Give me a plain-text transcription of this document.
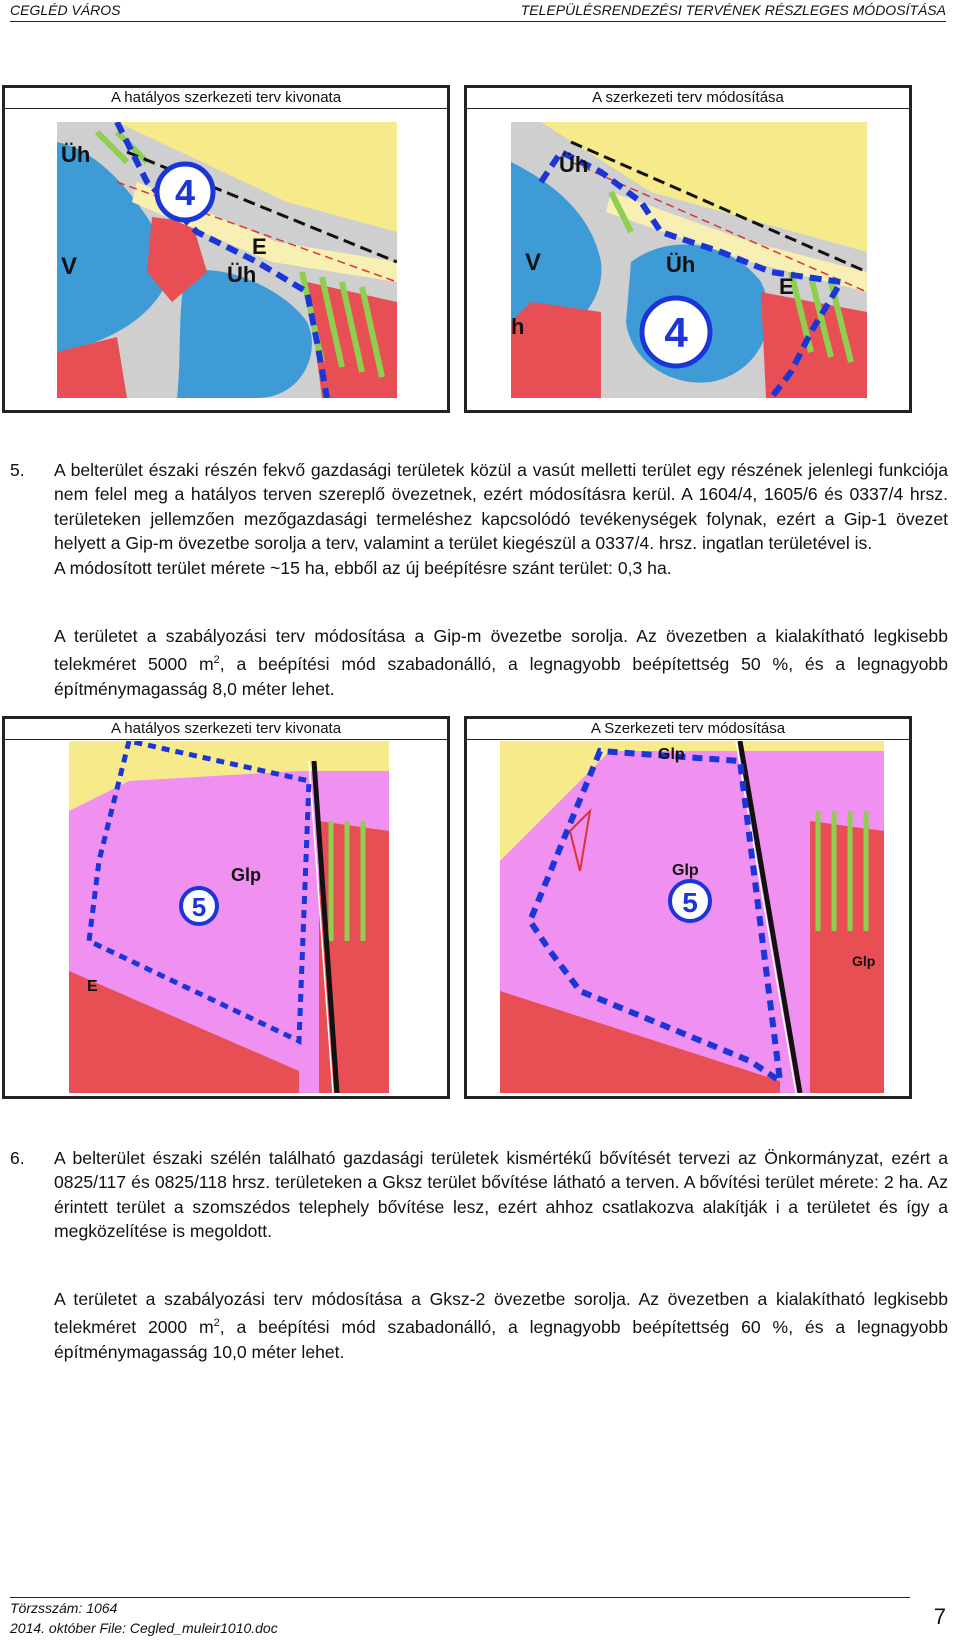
CEGLÉD VÁROS	TELEPÜLÉSRENDEZÉSI TERVÉNEK RÉSZLEGES MÓDOSÍTÁSA
A hatályos szerkezeti terv kivonata
4
Üh
E
Üh
V
A szerkezeti terv módosítása
4
Üh
Üh
E
V
h
5. A belterület északi részén fekvő gazdasági területek közül a vasút melletti terület egy részének jelenlegi funkciója nem felel meg a hatályos terven szereplő övezetnek, ezért módosításra kerül. A 1604/4, 1605/6 és 0337/4 hrsz. területeken jellemzően mezőgazdasági termeléshez kapcsolódó tevékenységek folynak, ezért a Gip-1 övezet helyett a Gip-m övezetbe sorolja a terv, valamint a terület kiegészül a 0337/4. hrsz. ingatlan területével is.
A módosított terület mérete ~15 ha, ebből az új beépítésre szánt terület: 0,3 ha.
A területet a szabályozási terv módosítása a Gip-m övezetbe sorolja. Az övezetben a kialakítható legkisebb telekméret 5000 $m^2$, a beépítési mód szabadonálló, a legnagyobb beépítettség 50 %, és a legnagyobb építménymagasság 8,0 méter lehet.
A hatályos szerkezeti terv kivonata
5
Glp
E
A Szerkezeti terv módosítása
5
Glp
Glp
Glp
6. A belterület északi szélén található gazdasági területek kismértékű bővítését tervezi az Önkormányzat, ezért a 0825/117 és 0825/118 hrsz. területeken a Gksz terület bővítése látható a terven. A bővítési terület mérete: 2 ha. Az érintett terület a szomszédos telephely bővítése lesz, ezért ahhoz csatlakozva alakítják i a területet és így a megközelítése is megoldott.
A területet a szabályozási terv módosítása a Gksz-2 övezetbe sorolja. Az övezetben a kialakítható legkisebb telekméret 2000 $m^2$, a beépítési mód szabadonálló, a legnagyobb beépítettség 60 %, és a legnagyobb építménymagasság 10,0 méter lehet.
Törzsszám: 1064
2014. október File: Cegled_muleir1010.doc	7
